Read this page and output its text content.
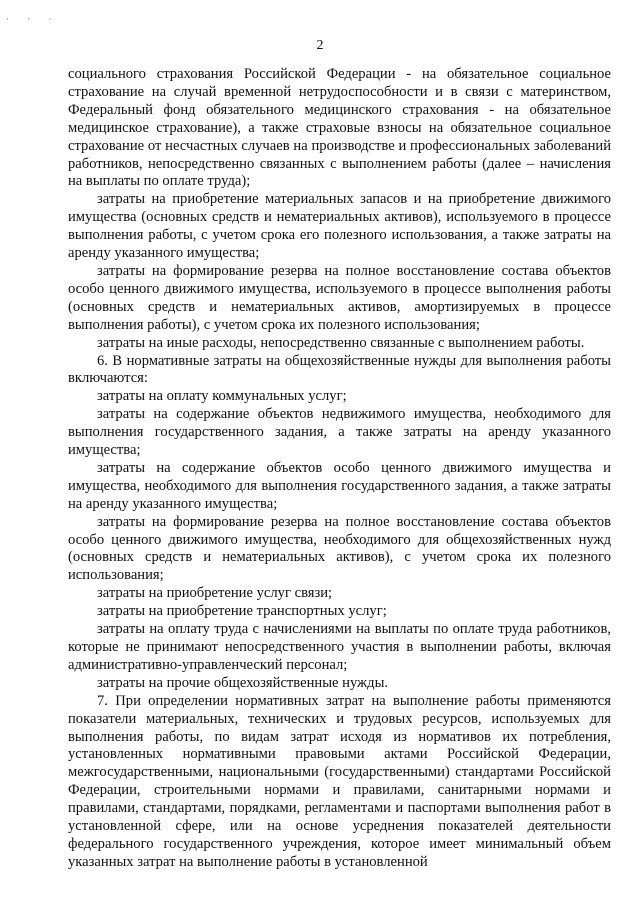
· · ·
2

социального страхования Российской Федерации - на обязательное социальное страхование на случай временной нетрудоспособности и в связи с материнством, Федеральный фонд обязательного медицинского страхования - на обязательное медицинское страхование), а также страховые взносы на обязательное социальное страхование от несчастных случаев на производстве и профессиональных заболеваний работников, непосредственно связанных с выполнением работы (далее – начисления на выплаты по оплате труда);

затраты на приобретение материальных запасов и на приобретение движимого имущества (основных средств и нематериальных активов), используемого в процессе выполнения работы, с учетом срока его полезного использования, а также затраты на аренду указанного имущества;

затраты на формирование резерва на полное восстановление состава объектов особо ценного движимого имущества, используемого в процессе выполнения работы (основных средств и нематериальных активов, амортизируемых в процессе выполнения работы), с учетом срока их полезного использования;

затраты на иные расходы, непосредственно связанные с выполнением работы.

6. В нормативные затраты на общехозяйственные нужды для выполнения работы включаются:

затраты на оплату коммунальных услуг;

затраты на содержание объектов недвижимого имущества, необходимого для выполнения государственного задания, а также затраты на аренду указанного имущества;

затраты на содержание объектов особо ценного движимого имущества и имущества, необходимого для выполнения государственного задания, а также затраты на аренду указанного имущества;

затраты на формирование резерва на полное восстановление состава объектов особо ценного движимого имущества, необходимого для общехозяйственных нужд (основных средств и нематериальных активов), с учетом срока их полезного использования;

затраты на приобретение услуг связи;

затраты на приобретение транспортных услуг;

затраты на оплату труда с начислениями на выплаты по оплате труда работников, которые не принимают непосредственного участия в выполнении работы, включая административно-управленческий персонал;

затраты на прочие общехозяйственные нужды.

7. При определении нормативных затрат на выполнение работы применяются показатели материальных, технических и трудовых ресурсов, используемых для выполнения работы, по видам затрат исходя из нормативов их потребления, установленных нормативными правовыми актами Российской Федерации, межгосударственными, национальными (государственными) стандартами Российской Федерации, строительными нормами и правилами, санитарными нормами и правилами, стандартами, порядками, регламентами и паспортами выполнения работ в установленной сфере, или на основе усреднения показателей деятельности федерального государственного учреждения, которое имеет минимальный объем указанных затрат на выполнение работы в установленной
